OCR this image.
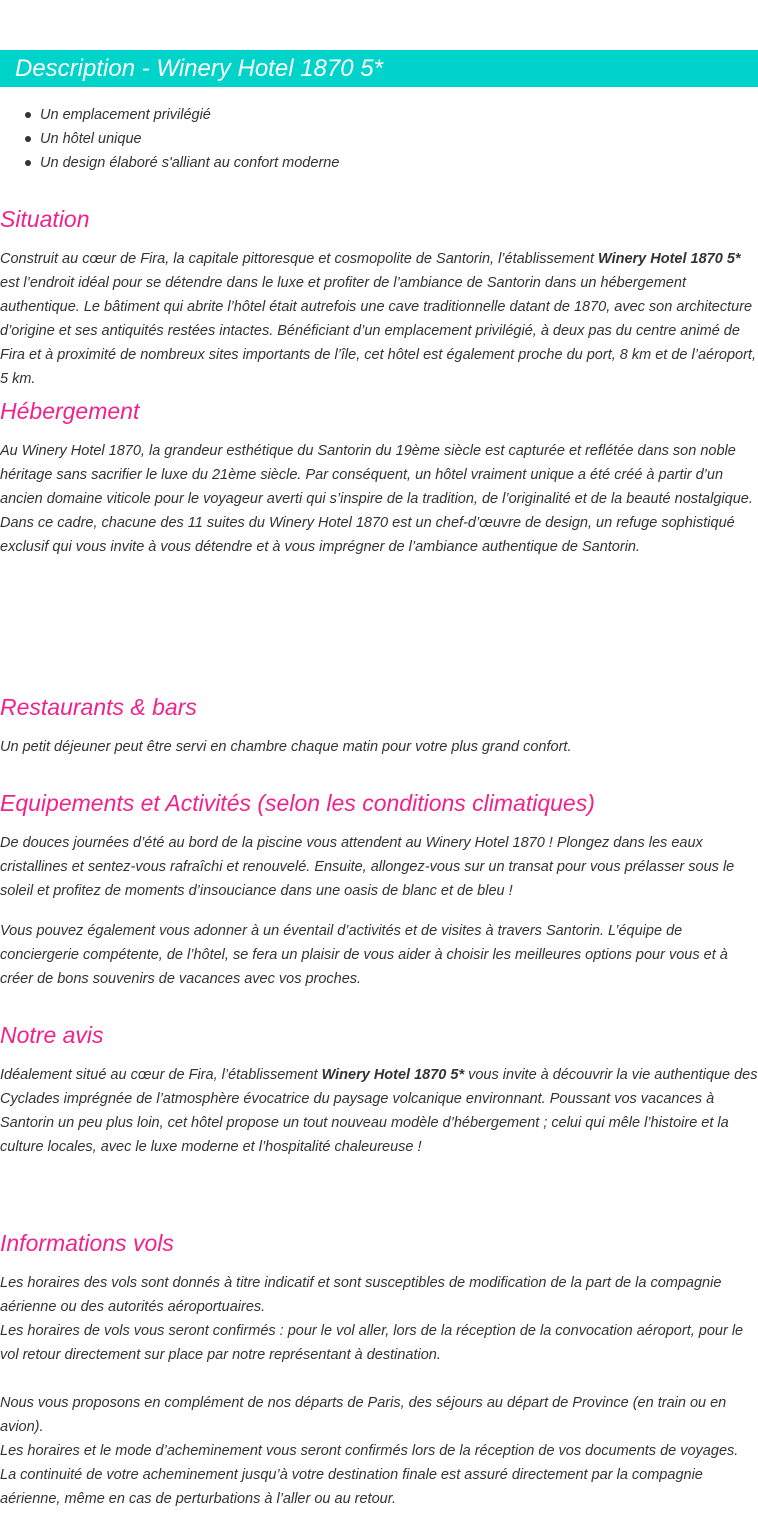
Description - Winery Hotel 1870 5*
Un emplacement privilégié
Un hôtel unique
Un design élaboré s'alliant au confort moderne
Situation

Construit au cœur de Fira, la capitale pittoresque et cosmopolite de Santorin, l’établissement Winery Hotel 1870 5* est l’endroit idéal pour se détendre dans le luxe et profiter de l’ambiance de Santorin dans un hébergement authentique. Le bâtiment qui abrite l’hôtel était autrefois une cave traditionnelle datant de 1870, avec son architecture d’origine et ses antiquités restées intactes. Bénéficiant d’un emplacement privilégié, à deux pas du centre animé de Fira et à proximité de nombreux sites importants de l’île, cet hôtel est également proche du port, 8 km et de l’aéroport, 5 km.

Hébergement

Au Winery Hotel 1870, la grandeur esthétique du Santorin du 19ème siècle est capturée et reflétée dans son noble héritage sans sacrifier le luxe du 21ème siècle. Par conséquent, un hôtel vraiment unique a été créé à partir d’un ancien domaine viticole pour le voyageur averti qui s’inspire de la tradition, de l’originalité et de la beauté nostalgique. Dans ce cadre, chacune des 11 suites du Winery Hotel 1870 est un chef-d’œuvre de design, un refuge sophistiqué exclusif qui vous invite à vous détendre et à vous imprégner de l’ambiance authentique de Santorin.

Restaurants & bars

Un petit déjeuner peut être servi en chambre chaque matin pour votre plus grand confort.

Equipements et Activités (selon les conditions climatiques)

De douces journées d’été au bord de la piscine vous attendent au Winery Hotel 1870 ! Plongez dans les eaux cristallines et sentez-vous rafraîchi et renouvelé. Ensuite, allongez-vous sur un transat pour vous prélasser sous le soleil et profitez de moments d’insouciance dans une oasis de blanc et de bleu !

Vous pouvez également vous adonner à un éventail d’activités et de visites à travers Santorin. L’équipe de conciergerie compétente, de l’hôtel, se fera un plaisir de vous aider à choisir les meilleures options pour vous et à créer de bons souvenirs de vacances avec vos proches.

Notre avis

Idéalement situé au cœur de Fira, l’établissement Winery Hotel 1870 5* vous invite à découvrir la vie authentique des Cyclades imprégnée de l’atmosphère évocatrice du paysage volcanique environnant. Poussant vos vacances à Santorin un peu plus loin, cet hôtel propose un tout nouveau modèle d’hébergement ; celui qui mêle l’histoire et la culture locales, avec le luxe moderne et l’hospitalité chaleureuse !

Informations vols

Les horaires des vols sont donnés à titre indicatif et sont susceptibles de modification de la part de la compagnie aérienne ou des autorités aéroportuaires.
Les horaires de vols vous seront confirmés : pour le vol aller, lors de la réception de la convocation aéroport, pour le vol retour directement sur place par notre représentant à destination.

Nous vous proposons en complément de nos départs de Paris, des séjours au départ de Province (en train ou en avion).
Les horaires et le mode d’acheminement vous seront confirmés lors de la réception de vos documents de voyages.
La continuité de votre acheminement jusqu’à votre destination finale est assuré directement par la compagnie aérienne, même en cas de perturbations à l’aller ou au retour.
